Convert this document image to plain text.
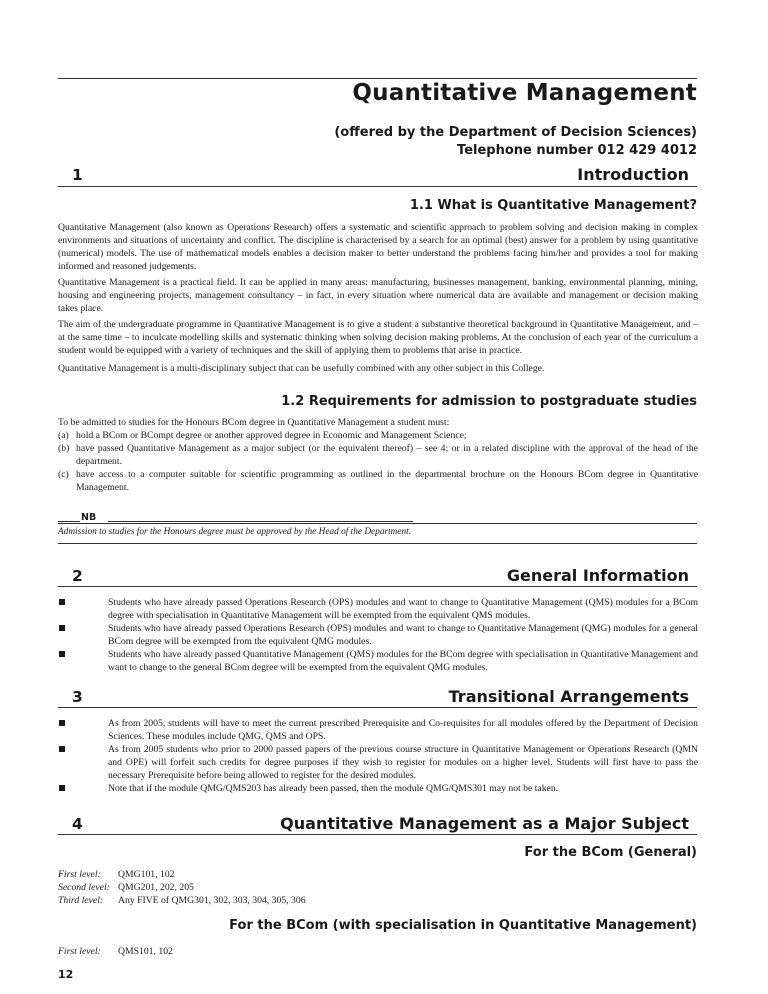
Quantitative Management
(offered by the Department of Decision Sciences)
Telephone number 012 429 4012
1	Introduction
1.1 What is Quantitative Management?

Quantitative Management (also known as Operations Research) offers a systematic and scientific approach to problem solving and decision making in complex environments and situations of uncertainty and conflict. The discipline is characterised by a search for an optimal (best) answer for a problem by using quantitative (numerical) models. The use of mathematical models enables a decision maker to better understand the problems facing him/her and provides a tool for making informed and reasoned judgements.

Quantitative Management is a practical field. It can be applied in many areas: manufacturing, businesses management, banking, environmental planning, mining, housing and engineering projects, management consultancy – in fact, in every situation where numerical data are available and management or decision making takes place.

The aim of the undergraduate programme in Quantitative Management is to give a student a substantive theoretical background in Quantitative Management, and – at the same time – to inculcate modelling skills and systematic thinking when solving decision making problems. At the conclusion of each year of the curriculum a student would be equipped with a variety of techniques and the skill of applying them to problems that arise in practice.

Quantitative Management is a multi-disciplinary subject that can be usefully combined with any other subject in this College.

1.2 Requirements for admission to postgraduate studies

To be admitted to studies for the Honours BCom degree in Quantitative Management a student must:

(a) hold a BCom or BCompt degree or another approved degree in Economic and Management Science;
(b) have passed Quantitative Management as a major subject (or the equivalent thereof) – see 4; or in a related discipline with the approval of the head of the department.
(c) have access to a computer suitable for scientific programming as outlined in the departmental brochure on the Honours BCom degree in Quantitative Management.
NB
Admission to studies for the Honours degree must be approved by the Head of the Department.
2	General Information
Students who have already passed Operations Research (OPS) modules and want to change to Quantitative Management (QMS) modules for a BCom degree with specialisation in Quantitative Management will be exempted from the equivalent QMS modules.
Students who have already passed Operations Research (OPS) modules and want to change to Quantitative Management (QMG) modules for a general BCom degree will be exempted from the equivalent QMG modules.
Students who have already passed Quantitative Management (QMS) modules for the BCom degree with specialisation in Quantitative Management and want to change to the general BCom degree will be exempted from the equivalent QMG modules.
3	Transitional Arrangements
As from 2005, students will have to meet the current prescribed Prerequisite and Co-requisites for all modules offered by the Department of Decision Sciences. These modules include QMG, QMS and OPS.
As from 2005 students who prior to 2000 passed papers of the previous course structure in Quantitative Management or Operations Research (QMN and OPE) will forfeit such credits for degree purposes if they wish to register for modules on a higher level. Students will first have to pass the necessary Prerequisite before being allowed to register for the desired modules.
Note that if the module QMG/QMS203 has already been passed, then the module QMG/QMS301 may not be taken.
4	Quantitative Management as a Major Subject
For the BCom (General)
First level:	QMG101, 102
Second level: QMG201, 202, 205
Third level:	Any FIVE of QMG301, 302, 303, 304, 305, 306
For the BCom (with specialisation in Quantitative Management)
First level:	QMS101, 102
12
